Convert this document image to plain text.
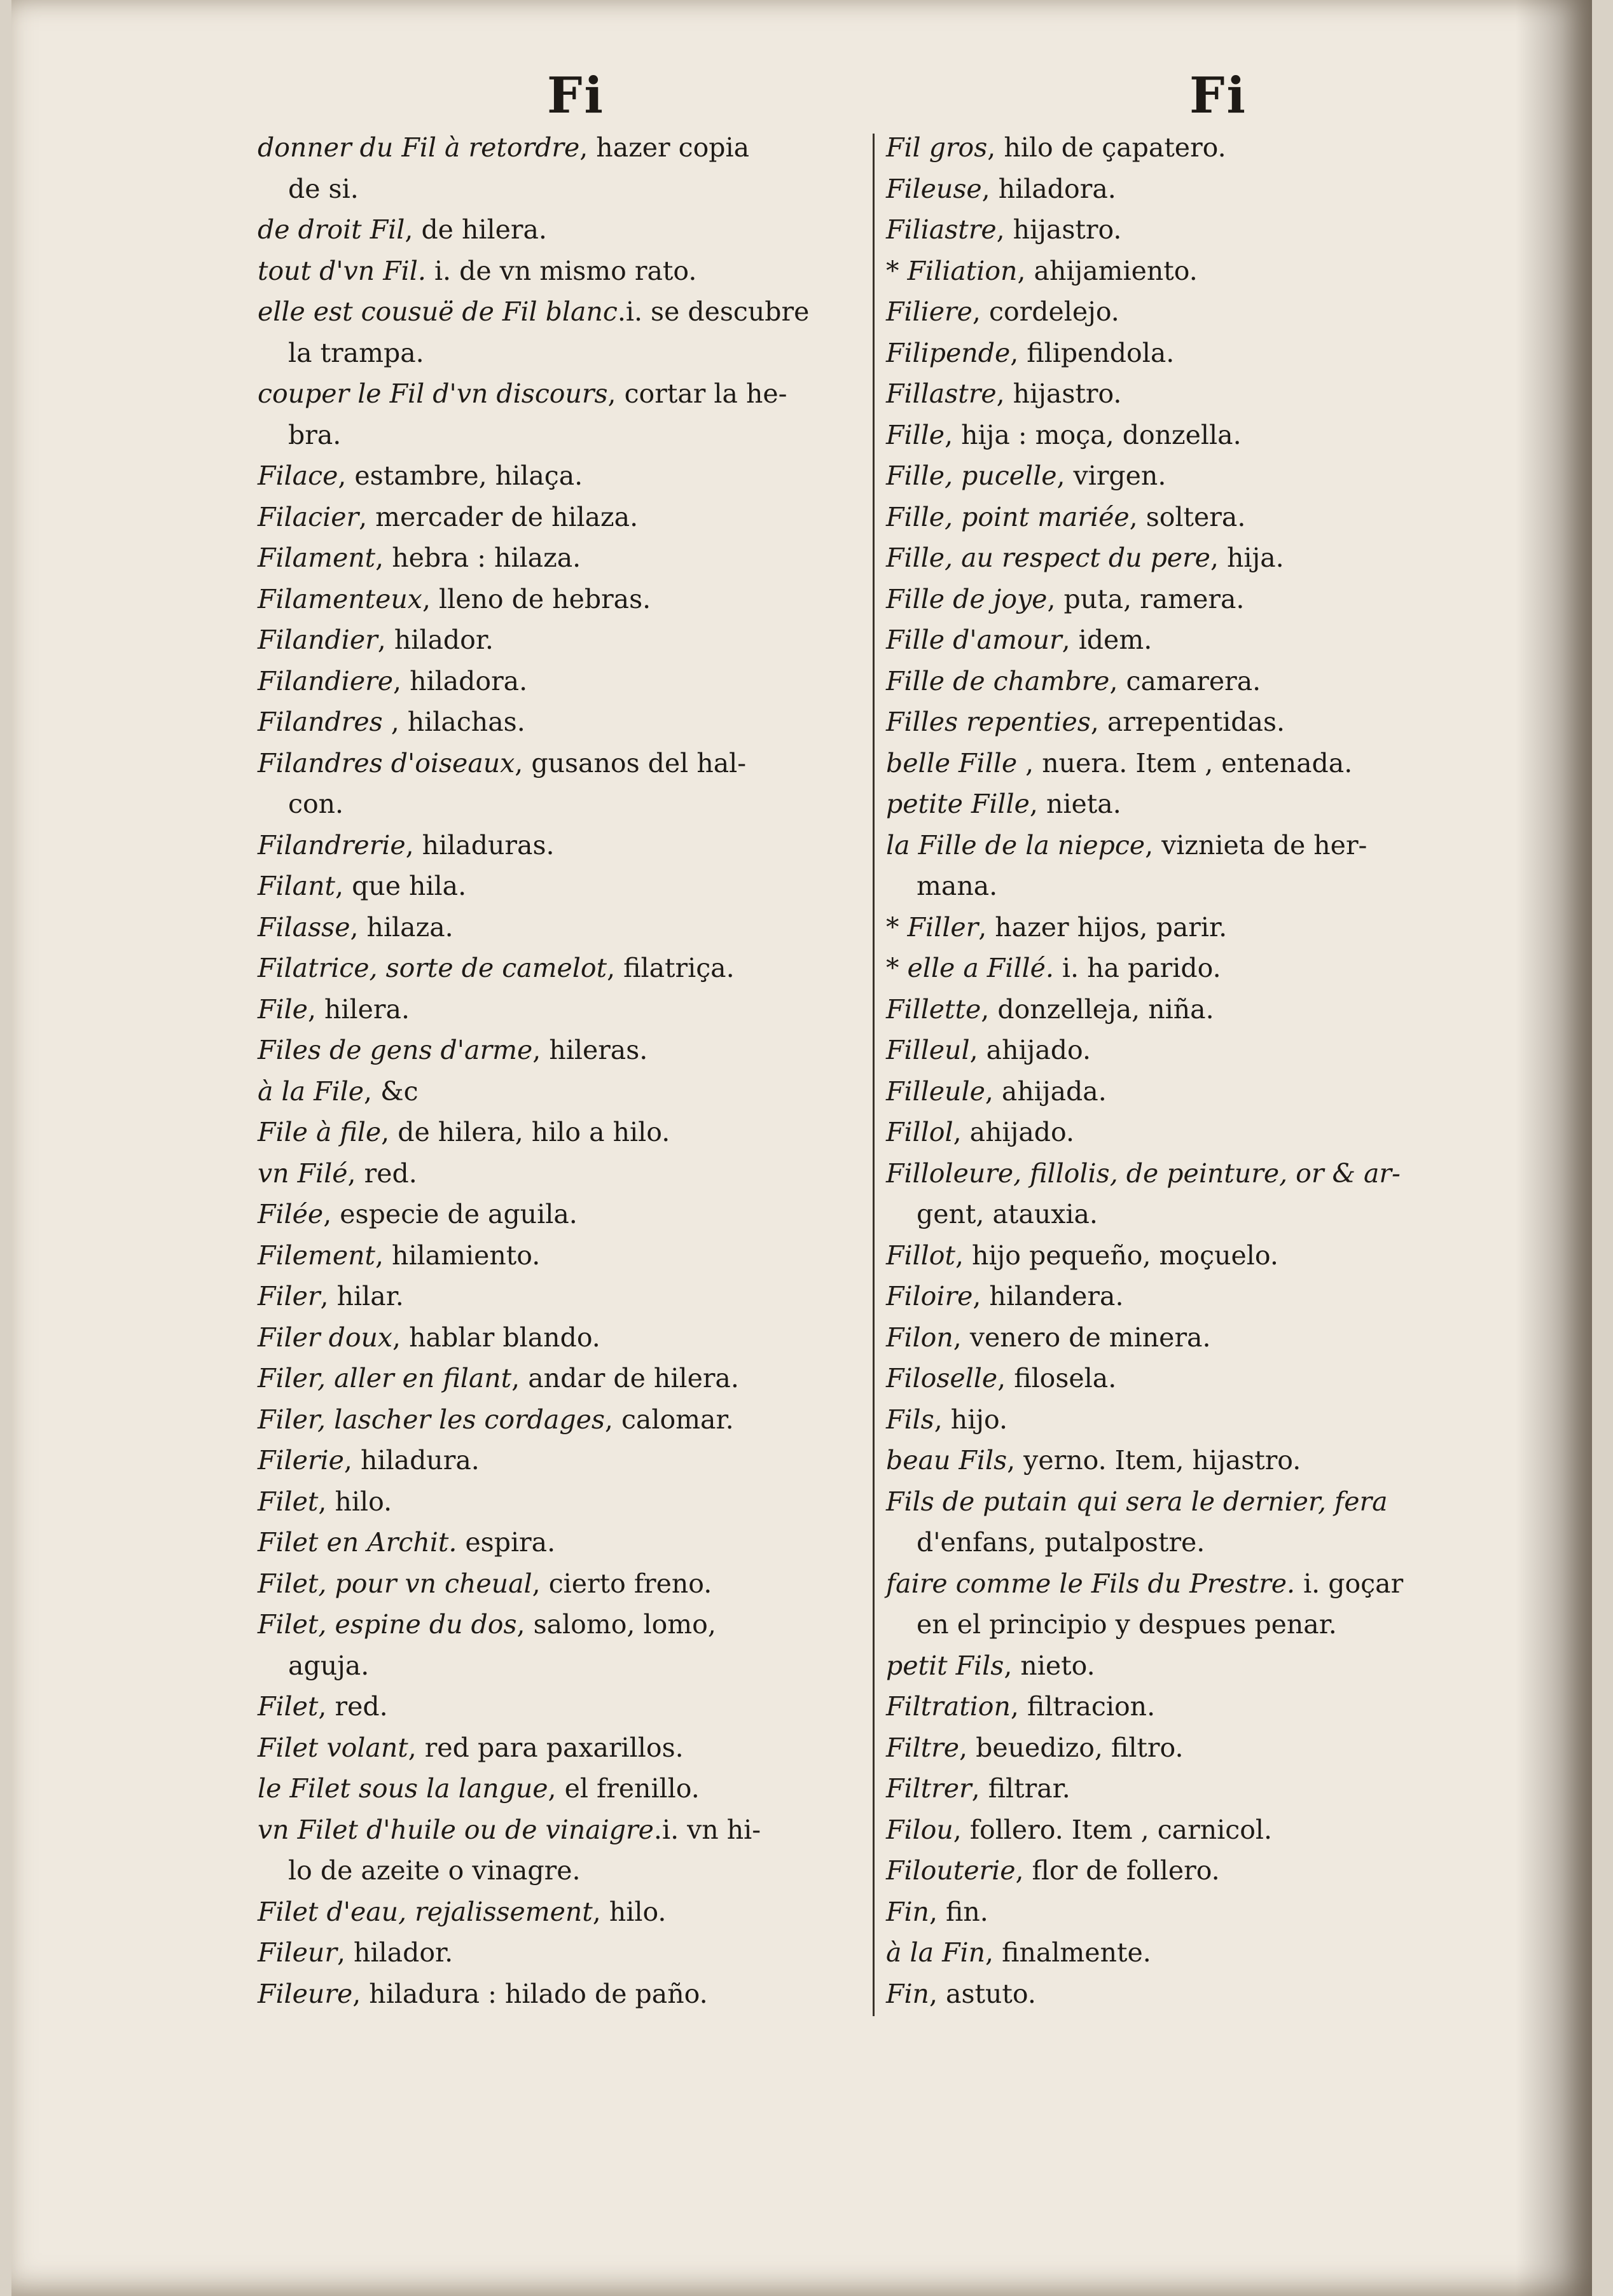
Fi	Fi

donner du Fil à retordre, hazer copia

de si.

de droit Fil, de hilera.

tout d'vn Fil. i. de vn mismo rato.

elle est cousuë de Fil blanc.i. se descubre

la trampa.

couper le Fil d'vn discours, cortar la he-

bra.

Filace, estambre, hilaça.

Filacier, mercader de hilaza.

Filament, hebra : hilaza.

Filamenteux, lleno de hebras.

Filandier, hilador.

Filandiere, hiladora.

Filandres , hilachas.

Filandres d'oiseaux, gusanos del hal-

con.

Filandrerie, hiladuras.

Filant, que hila.

Filasse, hilaza.

Filatrice, sorte de camelot, filatriça.

File, hilera.

Files de gens d'arme, hileras.

à la File, &c

File à file, de hilera, hilo a hilo.

vn Filé, red.

Filée, especie de aguila.

Filement, hilamiento.

Filer, hilar.

Filer doux, hablar blando.

Filer, aller en filant, andar de hilera.

Filer, lascher les cordages, calomar.

Filerie, hiladura.

Filet, hilo.

Filet en Archit. espira.

Filet, pour vn cheual, cierto freno.

Filet, espine du dos, salomo, lomo,

aguja.

Filet, red.

Filet volant, red para paxarillos.

le Filet sous la langue, el frenillo.

vn Filet d'huile ou de vinaigre.i. vn hi-

lo de azeite o vinagre.

Filet d'eau, rejalissement, hilo.

Fileur, hilador.

Fileure, hiladura : hilado de paño.

Fil gros, hilo de çapatero.

Fileuse, hiladora.

Filiastre, hijastro.

* Filiation, ahijamiento.

Filiere, cordelejo.

Filipende, filipendola.

Fillastre, hijastro.

Fille, hija : moça, donzella.

Fille, pucelle, virgen.

Fille, point mariée, soltera.

Fille, au respect du pere, hija.

Fille de joye, puta, ramera.

Fille d'amour, idem.

Fille de chambre, camarera.

Filles repenties, arrepentidas.

belle Fille , nuera. Item , entenada.

petite Fille, nieta.

la Fille de la niepce, viznieta de her-

mana.

* Filler, hazer hijos, parir.

* elle a Fillé. i. ha parido.

Fillette, donzelleja, niña.

Filleul, ahijado.

Filleule, ahijada.

Fillol, ahijado.

Filloleure, fillolis, de peinture, or & ar-

gent, atauxia.

Fillot, hijo pequeño, moçuelo.

Filoire, hilandera.

Filon, venero de minera.

Filoselle, filosela.

Fils, hijo.

beau Fils, yerno. Item, hijastro.

Fils de putain qui sera le dernier, fera

d'enfans, putalpostre.

faire comme le Fils du Prestre. i. goçar

en el principio y despues penar.

petit Fils, nieto.

Filtration, filtracion.

Filtre, beuedizo, filtro.

Filtrer, filtrar.

Filou, follero. Item , carnicol.

Filouterie, flor de follero.

Fin, fin.

à la Fin, finalmente.

Fin, astuto.
